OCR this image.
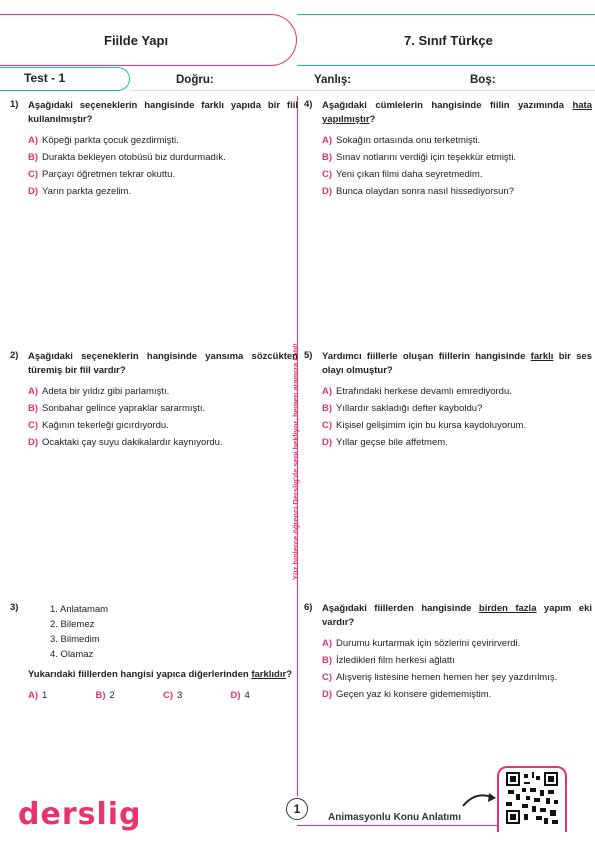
Fiilde Yapı	7. Sınıf Türkçe
Test - 1	Doğru:	Yanlış:	Boş:
Yüz binlerce öğrenci Derslig'de seni bekliyor, hemen aramıza katıl!
1) Aşağıdaki seçeneklerin hangisinde farklı yapıda bir fiil kullanılmıştır?
A) Köpeği parkta çocuk gezdirmişti.
B) Durakta bekleyen otobüsü biz durdurmadık.
C) Parçayı öğretmen tekrar okuttu.
D) Yarın parkta gezelim.
2) Aşağıdaki seçeneklerin hangisinde yansıma sözcükten türemiş bir fiil vardır?
A) Adeta bir yıldız gibi parlamıştı.
B) Sonbahar gelince yapraklar sararmıştı.
C) Kağının tekerleği gıcırdıyordu.
D) Ocaktaki çay suyu dakikalardır kaynıyordu.
3)	1. Anlatamam
2. Bilemez
3. Bilmedim
4. Olamaz
Yukarıdaki fiillerden hangisi yapıca diğerlerinden farklıdır?
A) 1	B) 2	C) 3	D) 4
4) Aşağıdaki cümlelerin hangisinde fiilin yazımında hata yapılmıştır?
A) Sokağın ortasında onu terketmişti.
B) Sınav notlarını verdiği için teşekkür etmişti.
C) Yeni çıkan filmi daha seyretmedim.
D) Bunca olaydan sonra nasıl hissediyorsun?
5) Yardımcı fiillerle oluşan fiillerin hangisinde farklı bir ses olayı olmuştur?
A) Etrafındaki herkese devamlı emrediyordu.
B) Yıllardır sakladığı defter kayboldu?
C) Kişisel gelişimim için bu kursa kaydoluyorum.
D) Yıllar geçse bile affetmem.
6) Aşağıdaki fiillerden hangisinde birden fazla yapım eki vardır?
A) Durumu kurtarmak için sözlerini çevirirverdi.
B) İzledikleri film herkesi ağlattı
C) Alışveriş listesine hemen hemen her şey yazdırılmış.
D) Geçen yaz ki konsere gidememiştim.
derslig	1
Animasyonlu Konu Anlatımı
